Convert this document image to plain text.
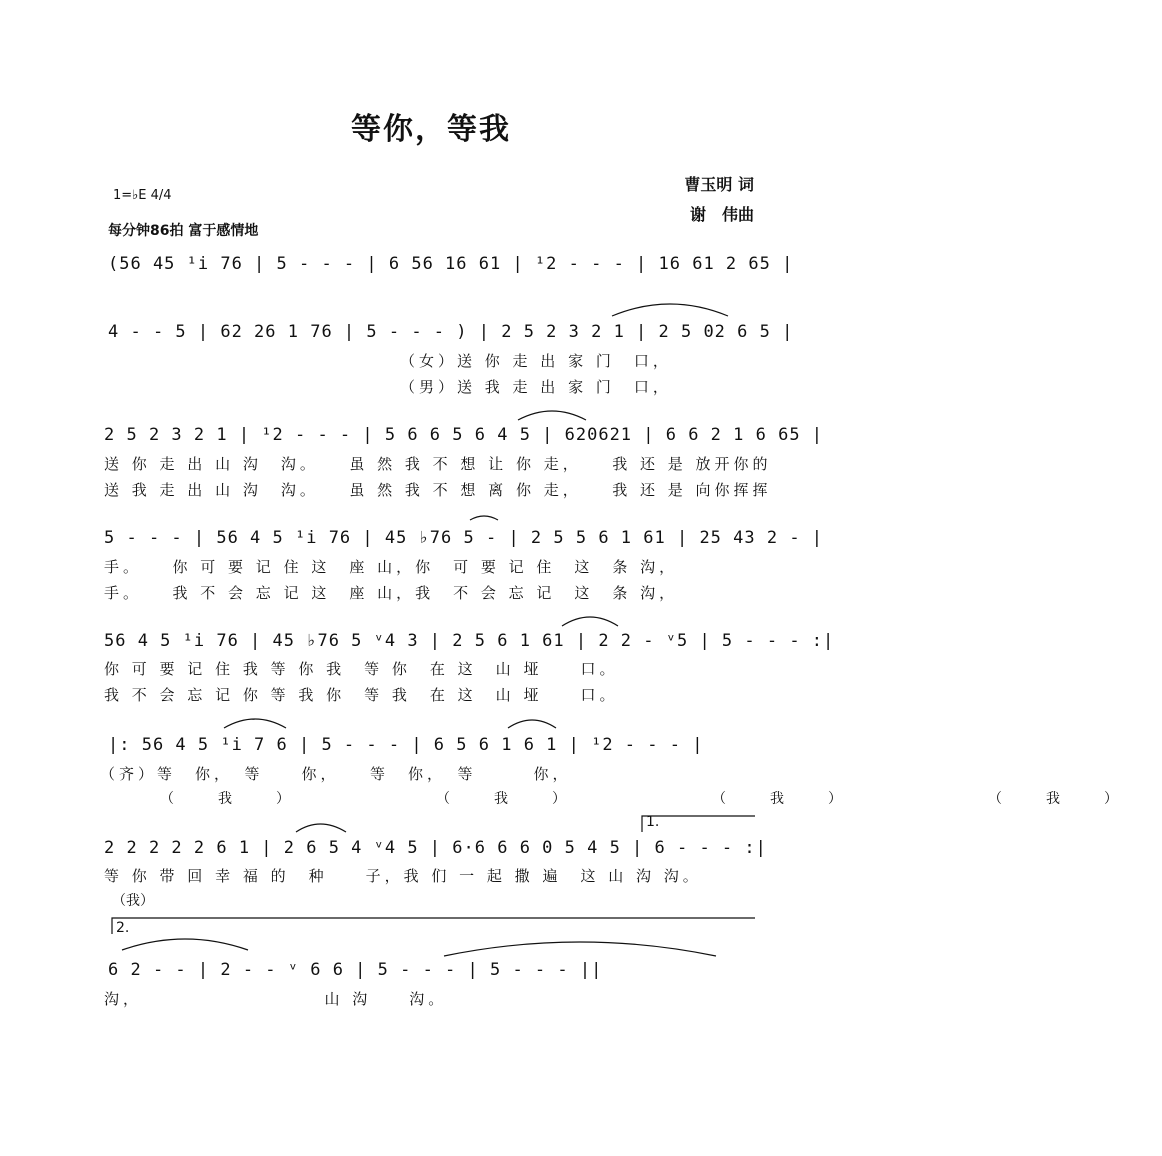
等你，等我
曹玉明 词
谢　伟曲
1=♭E 4/4
每分钟86拍 富于感情地
(56 45 ¹i 76 | 5 - - - | 6 56 16 61 | ¹2 - - - | 16 61 2 65 |
4 - - 5 | 62 26 1 76 | 5 - - - ) | 2 5 2 3 2 1 | 2 5 02 6 5 |
（女）送 你 走 出 家 门　口，
（男）送 我 走 出 家 门　口，
2 5 2 3 2 1 | ¹2 - - - | 5 6 6 5 6 4 5 | 620621 | 6 6 2 1 6 65 |
送 你 走 出 山 沟　沟。　　虽 然 我 不 想 让 你 走，　　我 还 是 放开你的
送 我 走 出 山 沟　沟。　　虽 然 我 不 想 离 你 走，　　我 还 是 向你挥挥
5 - - - | 56 4 5 ¹i 76 | 45 ♭76 5 - | 2 5 5 6 1 61 | 25 43 2 - |
手。　　你 可 要 记 住 这　座 山，你　可 要 记 住　这　条 沟，
手。　　我 不 会 忘 记 这　座 山，我　不 会 忘 记　这　条 沟，
56 4 5 ¹i 76 | 45 ♭76 5 ᵛ4 3 | 2 5 6 1 61 | 2 2 - ᵛ5 | 5 - - - :|
你 可 要 记 住 我 等 你 我　等 你　在 这　山 垭　　口。
我 不 会 忘 记 你 等 我 你　等 我　在 这　山 垭　　口。
|: 56 4 5 ¹i 7 6 | 5 - - - | 6 5 6 1 6 1 | ¹2 - - - |
（齐）等　你，　等　　你，　　等　你，　等　　　你，
（我）　　（我）　　（我）　　（我）
2 2 2 2 2 6 1 | 2 6 5 4 ᵛ4 5 | 6·6 6 6 0 5 4 5 | 6 - - - :|
1.
等 你 带 回 幸 福 的　种　　子，我 们 一 起 撒 遍　这 山 沟 沟。
（我）
2.
6 2 - - | 2 - - ᵛ 6 6 | 5 - - - | 5 - - - ||
沟，　　　　　　　　　　山 沟　　沟。
